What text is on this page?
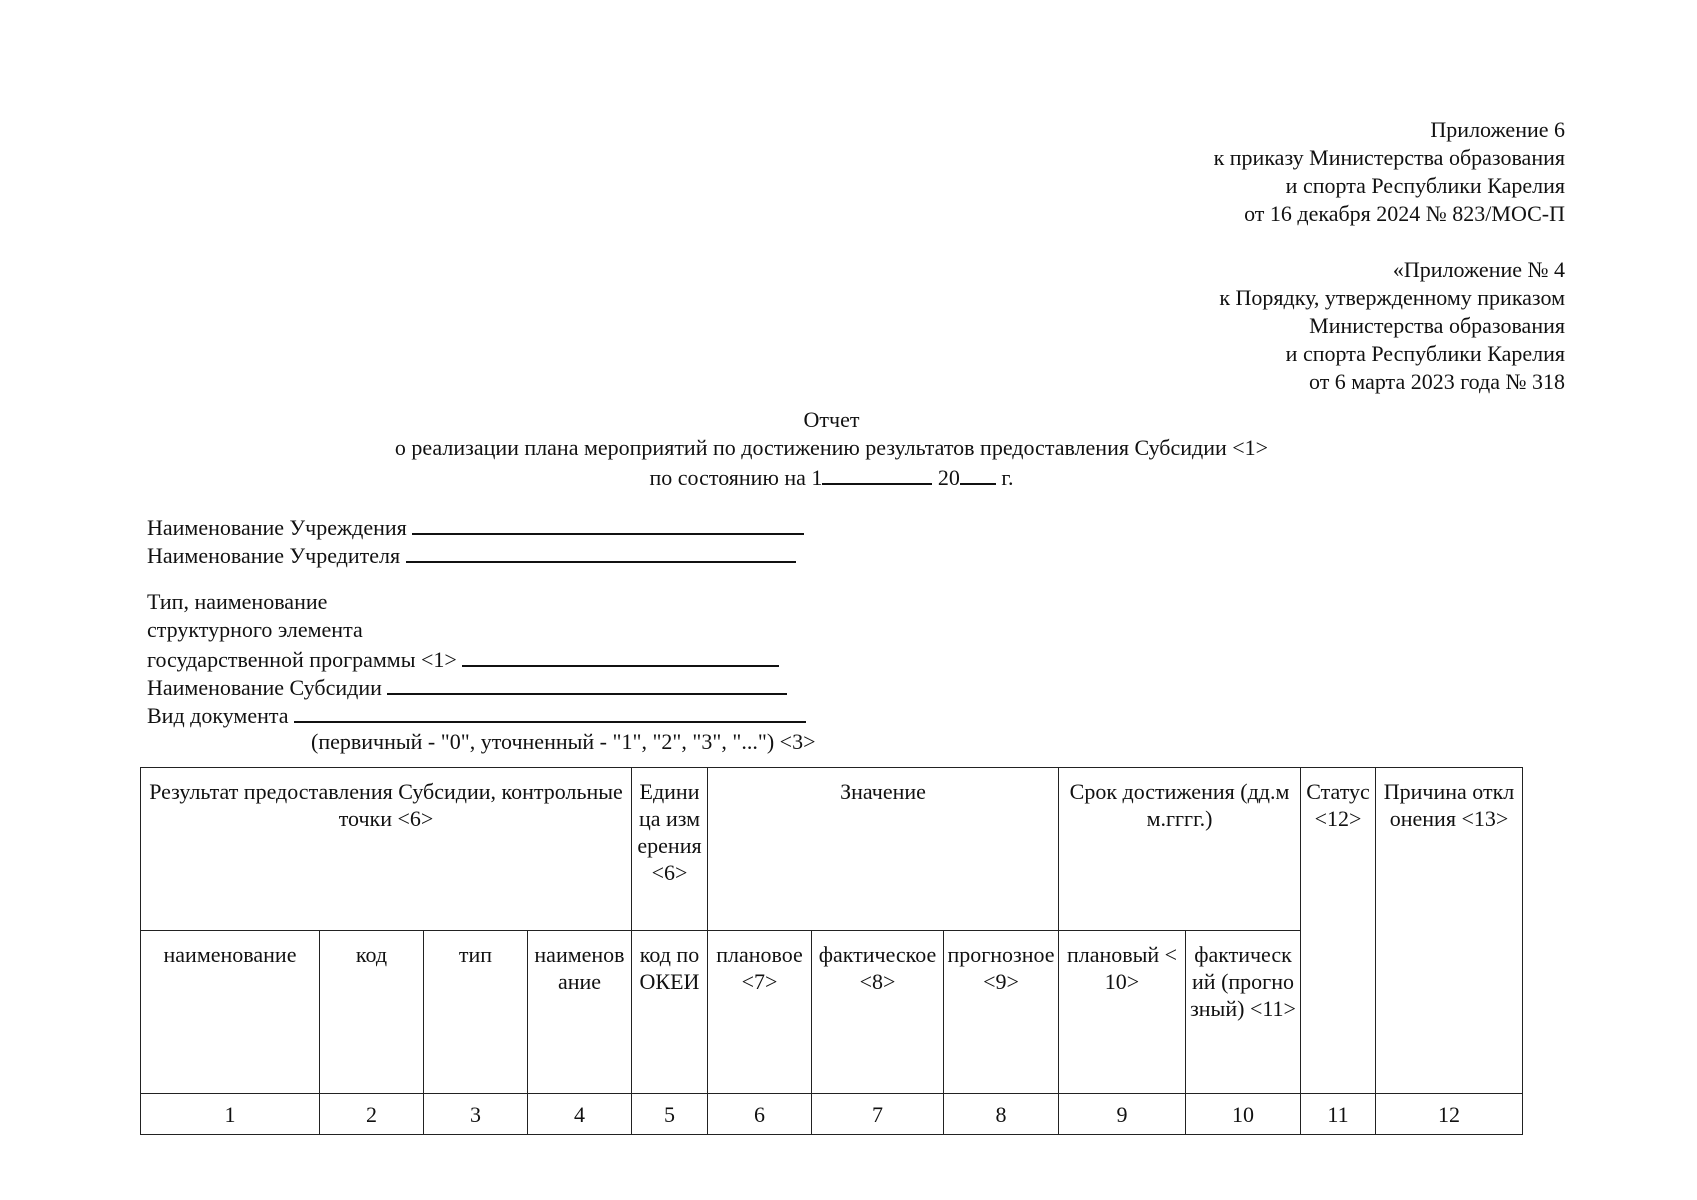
Приложение 6
к приказу Министерства образования
и спорта Республики Карелия
от 16 декабря 2024 № 823/МОС-П
«Приложение № 4
к Порядку, утвержденному приказом
Министерства образования
и спорта Республики Карелия
от 6 марта 2023 года № 318
Отчет
о реализации плана мероприятий по достижению результатов предоставления Субсидии <1>
по состоянию на 1	20 г.
Наименование Учреждения
Наименование Учредителя
Тип, наименование
структурного элемента
государственной программы <1>
Наименование Субсидии
Вид документа
(первичный - "0", уточненный - "1", "2", "3", "...") <3>
Результат предоставления Субсидии, контрольные точки <6>				Единица измерения <6>	Значение			Срок достижения (дд.мм.гггг.)		Статус <12>	Причина отклонения <13>
наименование	код	тип	наименование	код по ОКЕИ	плановое <7>	фактическое <8>	прогнозное <9>	плановый <10>	фактический (прогнозный) <11>		
1	2	3	4	5	6	7	8	9	10	11	12
